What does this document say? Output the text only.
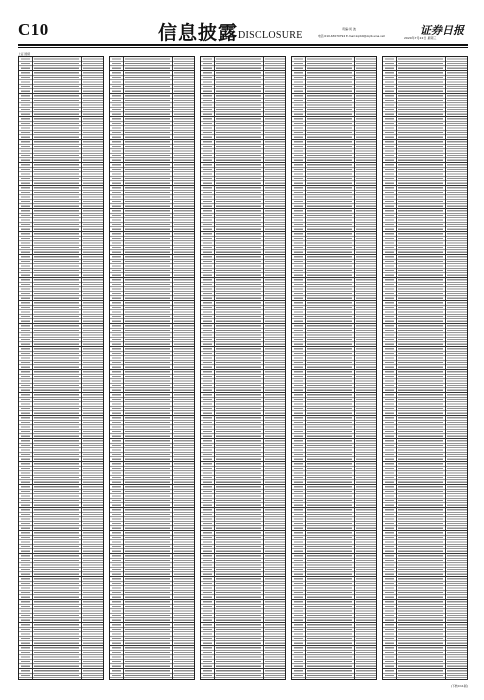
C10	信息披露 DISCLOSURE
责编:何 波
电话:010-63070794 E-mail:zqrb9@zqrb.sina.net	证券日报
2020年7月22日 星期三
上证 国债
(下转C11版)
